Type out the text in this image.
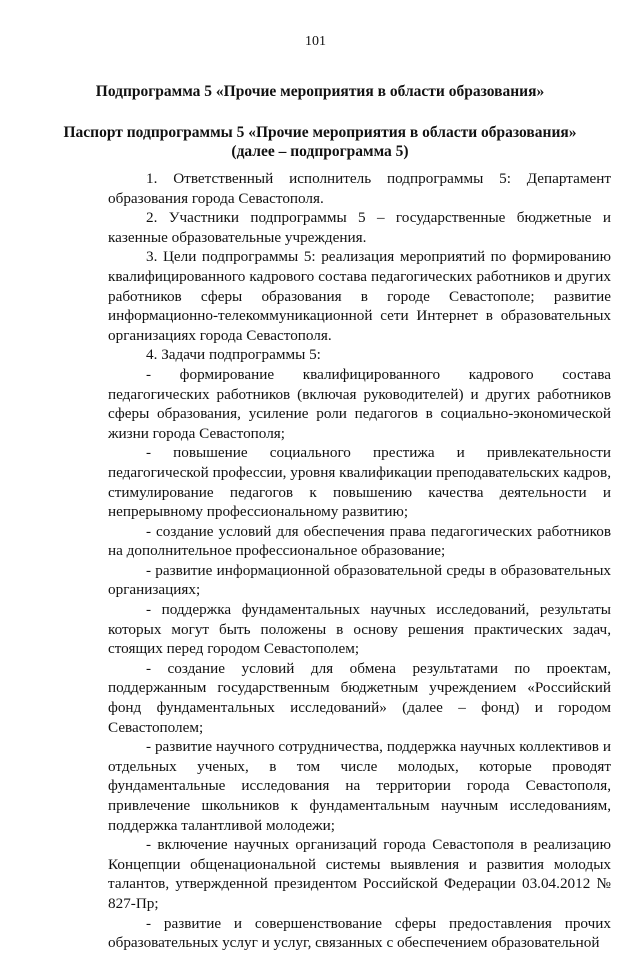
101
Подпрограмма 5 «Прочие мероприятия в области образования»
Паспорт подпрограммы 5 «Прочие мероприятия в области образования»
(далее – подпрограмма 5)

1. Ответственный исполнитель подпрограммы 5: Департамент образования города Севастополя.

2. Участники подпрограммы 5 – государственные бюджетные и казенные образовательные учреждения.

3. Цели подпрограммы 5: реализация мероприятий по формированию квалифицированного кадрового состава педагогических работников и других работников сферы образования в городе Севастополе; развитие информационно-телекоммуникационной сети Интернет в образовательных организациях города Севастополя.

4. Задачи подпрограммы 5:

- формирование квалифицированного кадрового состава педагогических работников (включая руководителей) и других работников сферы образования, усиление роли педагогов в социально-экономической жизни города Севастополя;

- повышение социального престижа и привлекательности педагогической профессии, уровня квалификации преподавательских кадров, стимулирование педагогов к повышению качества деятельности и непрерывному профессиональному развитию;

- создание условий для обеспечения права педагогических работников на дополнительное профессиональное образование;

- развитие информационной образовательной среды в образовательных организациях;

- поддержка фундаментальных научных исследований, результаты которых могут быть положены в основу решения практических задач, стоящих перед городом Севастополем;

- создание условий для обмена результатами по проектам, поддержанным государственным бюджетным учреждением «Российский фонд фундаментальных исследований» (далее – фонд) и городом Севастополем;

- развитие научного сотрудничества, поддержка научных коллективов и отдельных ученых, в том числе молодых, которые проводят фундаментальные исследования на территории города Севастополя, привлечение школьников к фундаментальным научным исследованиям, поддержка талантливой молодежи;

- включение научных организаций города Севастополя в реализацию Концепции общенациональной системы выявления и развития молодых талантов, утвержденной президентом Российской Федерации 03.04.2012 № 827-Пр;

- развитие и совершенствование сферы предоставления прочих образовательных услуг и услуг, связанных с обеспечением образовательной
